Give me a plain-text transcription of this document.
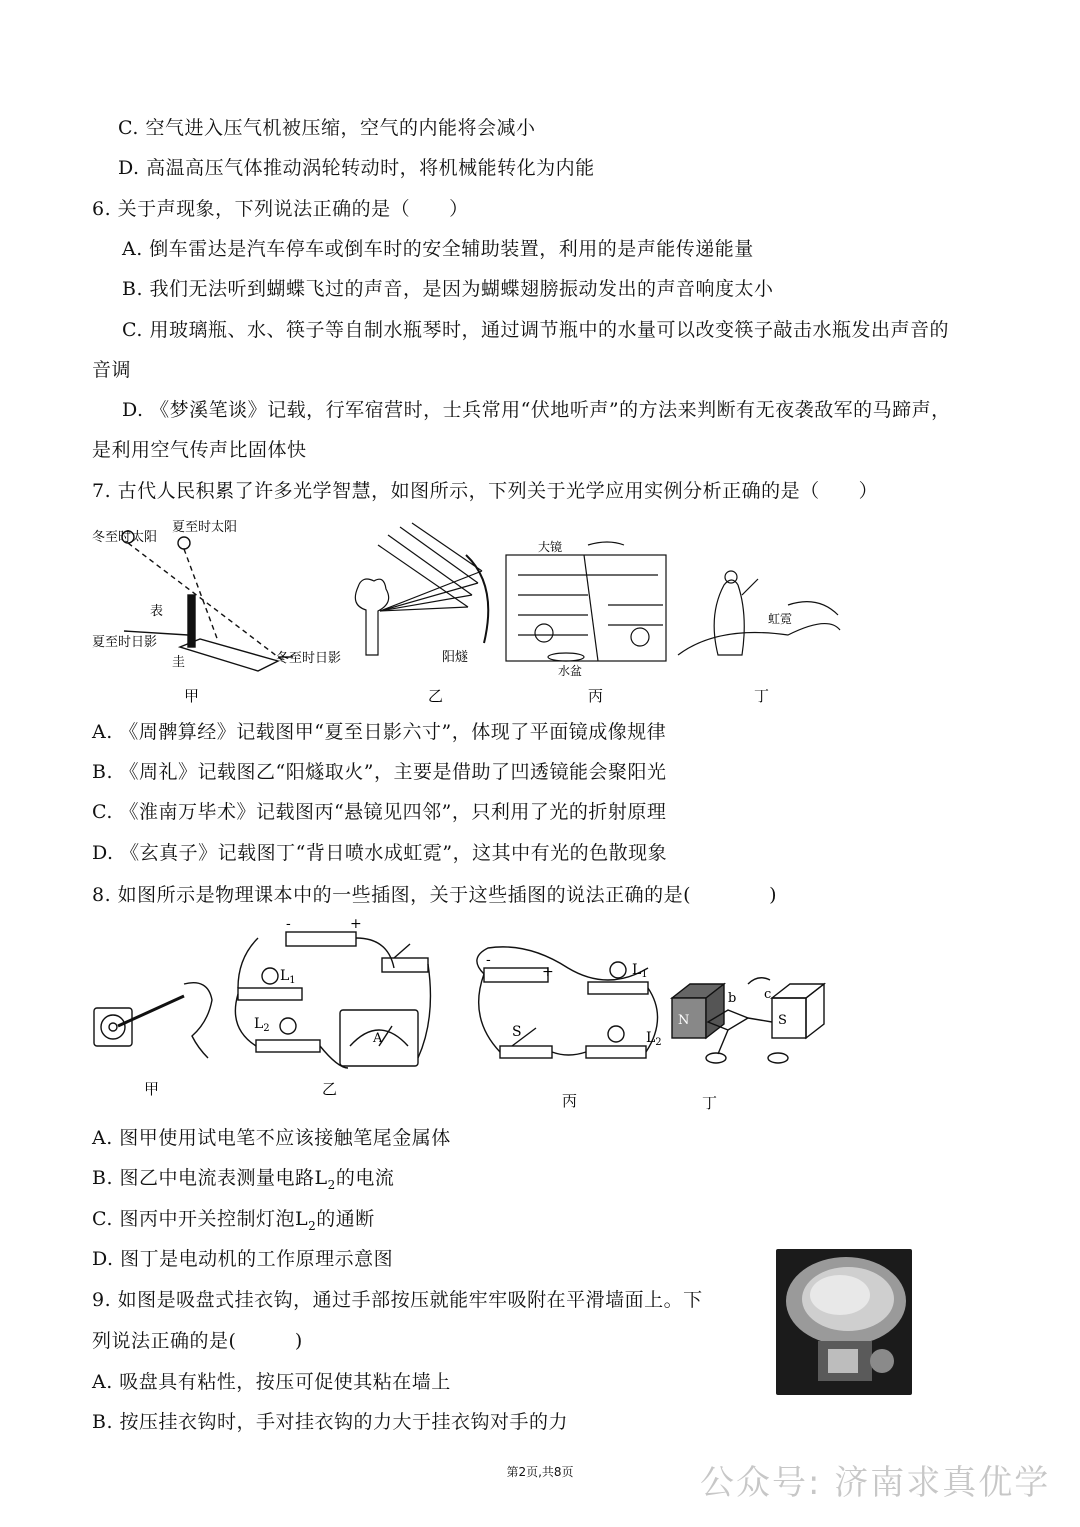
C. 空气进入压气机被压缩，空气的内能将会减小
D. 高温高压气体推动涡轮转动时，将机械能转化为内能
6. 关于声现象，下列说法正确的是（　　）
A. 倒车雷达是汽车停车或倒车时的安全辅助装置，利用的是声能传递能量
B. 我们无法听到蝴蝶飞过的声音，是因为蝴蝶翅膀振动发出的声音响度太小
C. 用玻璃瓶、水、筷子等自制水瓶琴时，通过调节瓶中的水量可以改变筷子敲击水瓶发出声音的
音调
D. 《梦溪笔谈》记载，行军宿营时，士兵常用“伏地听声”的方法来判断有无夜袭敌军的马蹄声，
是利用空气传声比固体快
7. 古代人民积累了许多光学智慧，如图所示，下列关于光学应用实例分析正确的是（　　）
冬至时太阳
夏至时太阳
表
夏至时日影
冬至时日影
圭	阳燧
大镜
水盆
虹霓
甲	乙	丙	丁
A. 《周髀算经》记载图甲“夏至日影六寸”，体现了平面镜成像规律
B. 《周礼》记载图乙“阳燧取火”，主要是借助了凹透镜能会聚阳光
C. 《淮南万毕术》记载图丙“悬镜见四邻”，只利用了光的折射原理
D. 《玄真子》记载图丁“背日喷水成虹霓”，这其中有光的色散现象
8. 如图所示是物理课本中的一些插图，关于这些插图的说法正确的是(　　　　)
-	+
$L_1$
$L_2$
A
-
+	$L_1$
$L_2$
S
N	S
b c
甲	乙
丙	丁
A. 图甲使用试电笔不应该接触笔尾金属体
B. 图乙中电流表测量电路$L_2$的电流
C. 图丙中开关控制灯泡$L_2$的通断
D. 图丁是电动机的工作原理示意图
9. 如图是吸盘式挂衣钩，通过手部按压就能牢牢吸附在平滑墙面上。下
列说法正确的是(　　　)
A. 吸盘具有粘性，按压可促使其粘在墙上
B. 按压挂衣钩时，手对挂衣钩的力大于挂衣钩对手的力
第2页,共8页	公众号: 济南求真优学
